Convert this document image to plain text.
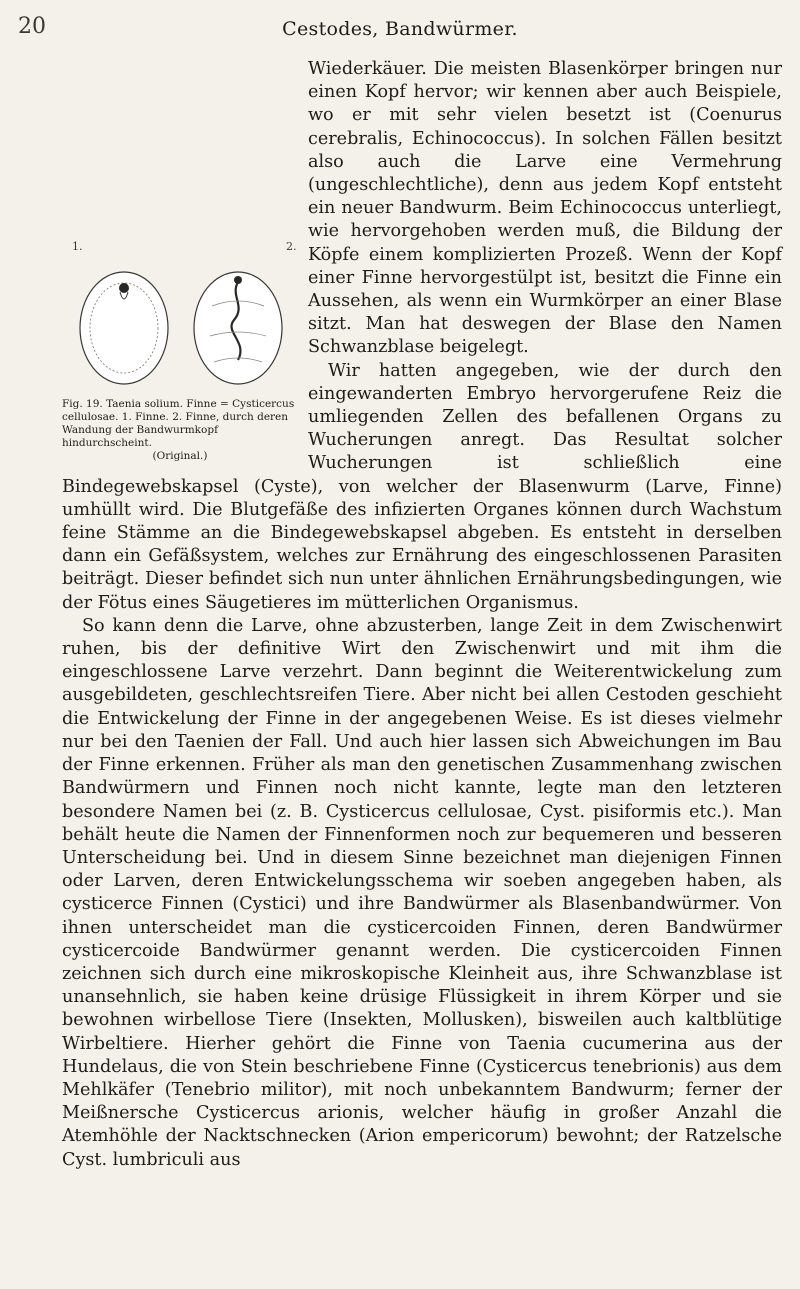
20	Cestodes, Bandwürmer.
1.	2.
Fig. 19. Taenia solium. Finne = Cysticercus cellulosae. 1. Finne. 2. Finne, durch deren Wandung der Bandwurmkopf hindurchscheint.
(Original.)

Wiederkäuer. Die meisten Blasenkörper bringen nur einen Kopf hervor; wir kennen aber auch Beispiele, wo er mit sehr vielen besetzt ist (Coenurus cerebralis, Echinococcus). In solchen Fällen besitzt also auch die Larve eine Vermehrung (ungeschlechtliche), denn aus jedem Kopf entsteht ein neuer Bandwurm. Beim Echinococcus unterliegt, wie hervorgehoben werden muß, die Bildung der Köpfe einem komplizierten Prozeß. Wenn der Kopf einer Finne hervorgestülpt ist, besitzt die Finne ein Aussehen, als wenn ein Wurmkörper an einer Blase sitzt. Man hat deswegen der Blase den Namen Schwanzblase beigelegt.

Wir hatten angegeben, wie der durch den eingewanderten Embryo hervorgerufene Reiz die umliegenden Zellen des befallenen Organs zu Wucherungen anregt. Das Resultat solcher Wucherungen ist schließlich eine Bindegewebskapsel (Cyste), von welcher der Blasenwurm (Larve, Finne) umhüllt wird. Die Blutgefäße des infizierten Organes können durch Wachstum feine Stämme an die Bindegewebskapsel abgeben. Es entsteht in derselben dann ein Gefäßsystem, welches zur Ernährung des eingeschlossenen Parasiten beiträgt. Dieser befindet sich nun unter ähnlichen Ernährungsbedingungen, wie der Fötus eines Säugetieres im mütterlichen Organismus.

So kann denn die Larve, ohne abzusterben, lange Zeit in dem Zwischenwirt ruhen, bis der definitive Wirt den Zwischenwirt und mit ihm die eingeschlossene Larve verzehrt. Dann beginnt die Weiterentwickelung zum ausgebildeten, geschlechtsreifen Tiere. Aber nicht bei allen Cestoden geschieht die Entwickelung der Finne in der angegebenen Weise. Es ist dieses vielmehr nur bei den Taenien der Fall. Und auch hier lassen sich Abweichungen im Bau der Finne erkennen. Früher als man den genetischen Zusammenhang zwischen Bandwürmern und Finnen noch nicht kannte, legte man den letzteren besondere Namen bei (z. B. Cysticercus cellulosae, Cyst. pisiformis etc.). Man behält heute die Namen der Finnenformen noch zur bequemeren und besseren Unterscheidung bei. Und in diesem Sinne bezeichnet man diejenigen Finnen oder Larven, deren Entwickelungsschema wir soeben angegeben haben, als cysticerce Finnen (Cystici) und ihre Bandwürmer als Blasenbandwürmer. Von ihnen unterscheidet man die cysticercoiden Finnen, deren Bandwürmer cysticercoide Bandwürmer genannt werden. Die cysticercoiden Finnen zeichnen sich durch eine mikroskopische Kleinheit aus, ihre Schwanzblase ist unansehnlich, sie haben keine drüsige Flüssigkeit in ihrem Körper und sie bewohnen wirbellose Tiere (Insekten, Mollusken), bisweilen auch kaltblütige Wirbeltiere. Hierher gehört die Finne von Taenia cucumerina aus der Hundelaus, die von Stein beschriebene Finne (Cysticercus tenebrionis) aus dem Mehlkäfer (Tenebrio militor), mit noch unbekanntem Bandwurm; ferner der Meißnersche Cysticercus arionis, welcher häufig in großer Anzahl die Atemhöhle der Nacktschnecken (Arion empericorum) bewohnt; der Ratzelsche Cyst. lumbriculi aus
